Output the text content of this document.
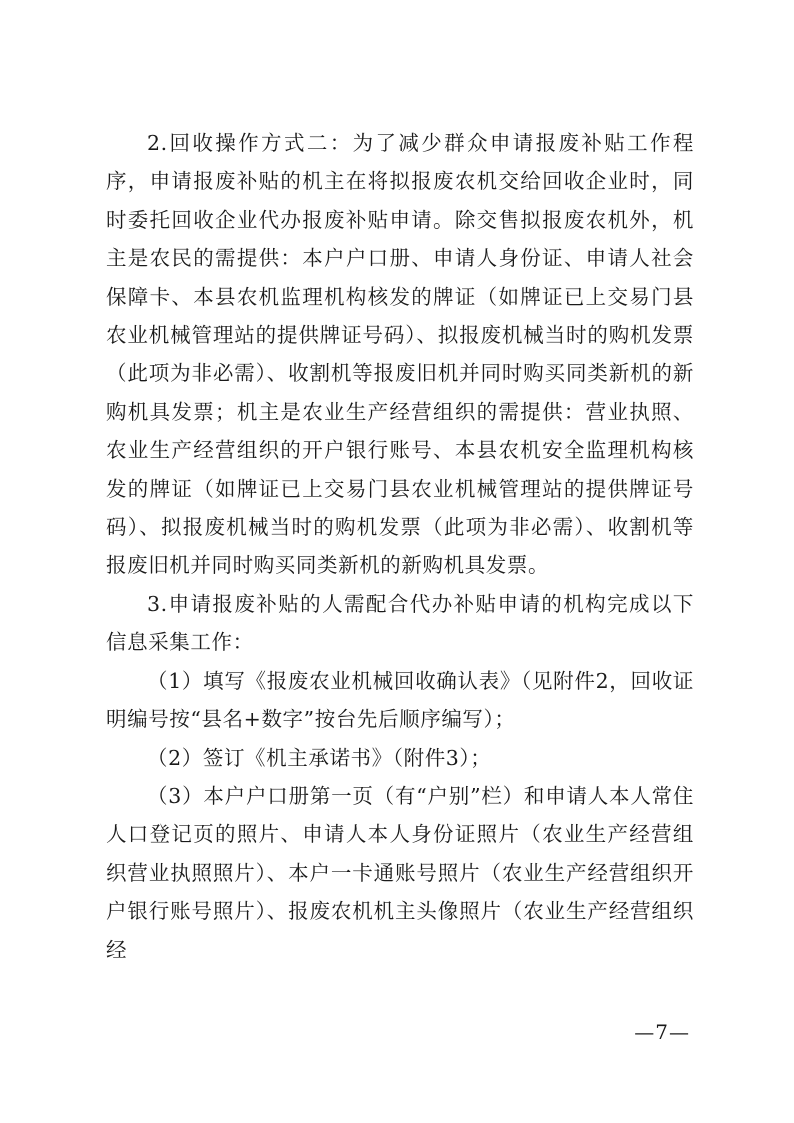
2.回收操作方式二：为了减少群众申请报废补贴工作程序，申请报废补贴的机主在将拟报废农机交给回收企业时，同时委托回收企业代办报废补贴申请。除交售拟报废农机外，机主是农民的需提供：本户户口册、申请人身份证、申请人社会保障卡、本县农机监理机构核发的牌证（如牌证已上交易门县农业机械管理站的提供牌证号码）、拟报废机械当时的购机发票（此项为非必需）、收割机等报废旧机并同时购买同类新机的新购机具发票；机主是农业生产经营组织的需提供：营业执照、农业生产经营组织的开户银行账号、本县农机安全监理机构核发的牌证（如牌证已上交易门县农业机械管理站的提供牌证号码）、拟报废机械当时的购机发票（此项为非必需）、收割机等报废旧机并同时购买同类新机的新购机具发票。

3.申请报废补贴的人需配合代办补贴申请的机构完成以下信息采集工作：

（1）填写《报废农业机械回收确认表》（见附件2，回收证明编号按“县名+数字”按台先后顺序编写）；

（2）签订《机主承诺书》（附件3）；

（3）本户户口册第一页（有“户别”栏）和申请人本人常住人口登记页的照片、申请人本人身份证照片（农业生产经营组织营业执照照片）、本户一卡通账号照片（农业生产经营组织开户银行账号照片）、报废农机机主头像照片（农业生产经营组织经

—7—
